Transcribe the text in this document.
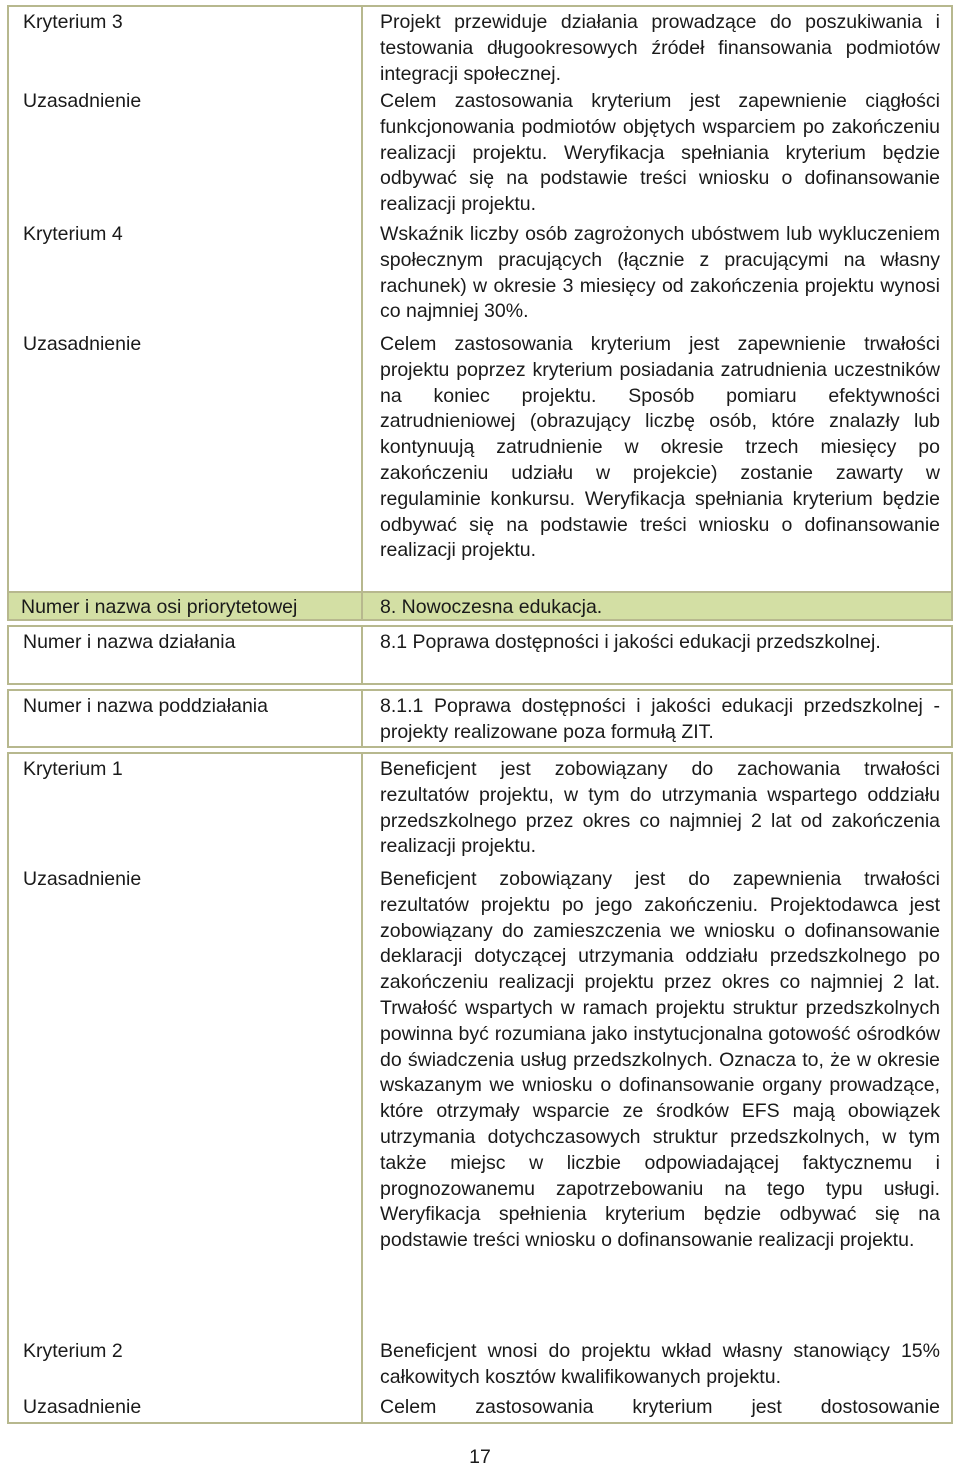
Kryterium 3	Projekt przewiduje działania prowadzące do poszukiwania i testowania długookresowych źródeł finansowania podmiotów integracji społecznej.
Uzasadnienie	Celem zastosowania kryterium jest zapewnienie ciągłości funkcjonowania podmiotów objętych wsparciem po zakończeniu realizacji projektu. Weryfikacja spełniania kryterium będzie odbywać się na podstawie treści wniosku o dofinansowanie realizacji projektu.
Kryterium 4	Wskaźnik liczby osób zagrożonych ubóstwem lub wykluczeniem społecznym pracujących (łącznie z pracującymi na własny rachunek) w okresie 3 miesięcy od zakończenia projektu wynosi co najmniej 30%.
Uzasadnienie	Celem zastosowania kryterium jest zapewnienie trwałości projektu poprzez kryterium posiadania zatrudnienia uczestników na koniec projektu. Sposób pomiaru efektywności zatrudnieniowej (obrazujący liczbę osób, które znalazły lub kontynuują zatrudnienie w okresie trzech miesięcy po zakończeniu udziału w projekcie) zostanie zawarty w regulaminie konkursu. Weryfikacja spełniania kryterium będzie odbywać się na podstawie treści wniosku o dofinansowanie realizacji projektu.
Numer i nazwa osi priorytetowej	8. Nowoczesna edukacja.
Numer i nazwa działania	8.1 Poprawa dostępności i jakości edukacji przedszkolnej.
Numer i nazwa poddziałania	8.1.1 Poprawa dostępności i jakości edukacji przedszkolnej - projekty realizowane poza formułą ZIT.
Kryterium 1	Beneficjent jest zobowiązany do zachowania trwałości rezultatów projektu, w tym do utrzymania wspartego oddziału przedszkolnego przez okres co najmniej 2 lat od zakończenia realizacji projektu.
Uzasadnienie	Beneficjent zobowiązany jest do zapewnienia trwałości rezultatów projektu po jego zakończeniu. Projektodawca jest zobowiązany do zamieszczenia we wniosku o dofinansowanie deklaracji dotyczącej utrzymania oddziału przedszkolnego po zakończeniu realizacji projektu przez okres co najmniej 2 lat. Trwałość wspartych w ramach projektu struktur przedszkolnych powinna być rozumiana jako instytucjonalna gotowość ośrodków do świadczenia usług przedszkolnych. Oznacza to, że w okresie wskazanym we wniosku o dofinansowanie organy prowadzące, które otrzymały wsparcie ze środków EFS mają obowiązek utrzymania dotychczasowych struktur przedszkolnych, w tym także miejsc w liczbie odpowiadającej faktycznemu i prognozowanemu zapotrzebowaniu na tego typu usługi. Weryfikacja spełnienia kryterium będzie odbywać się na podstawie treści wniosku o dofinansowanie realizacji projektu.
Kryterium 2	Beneficjent wnosi do projektu wkład własny stanowiący 15% całkowitych kosztów kwalifikowanych projektu.
Uzasadnienie	Celem zastosowania kryterium jest dostosowanie
17
